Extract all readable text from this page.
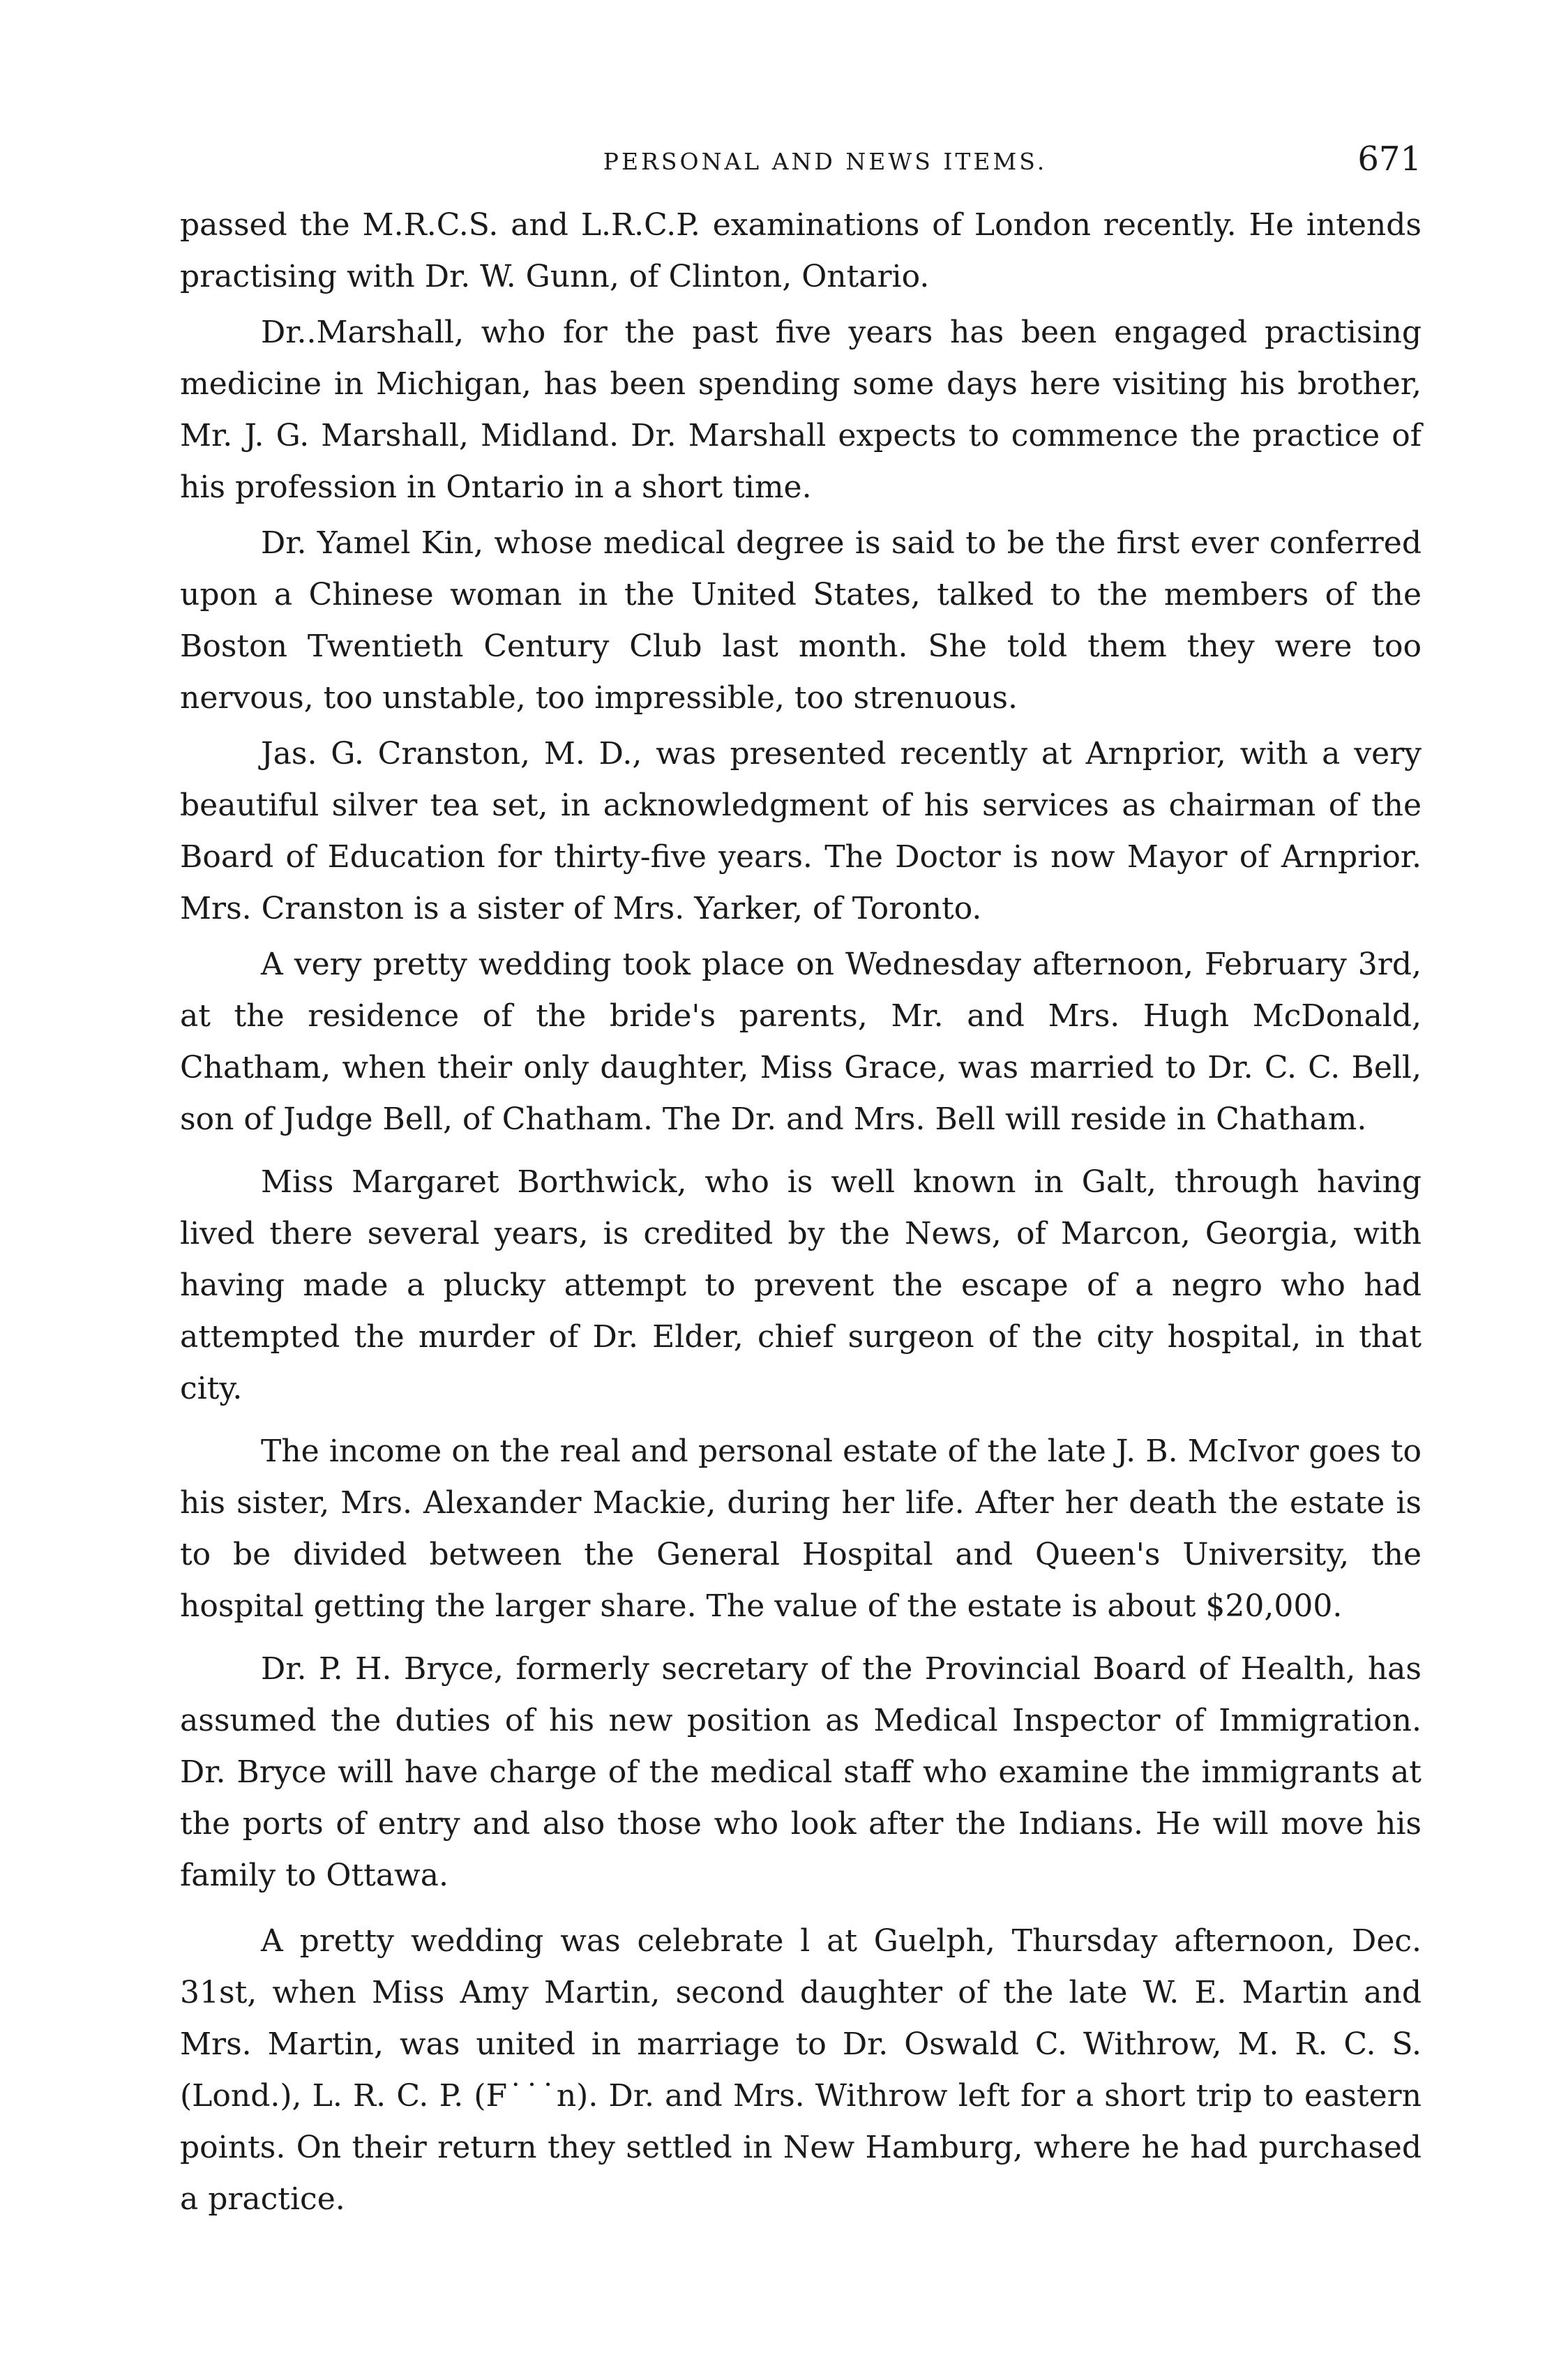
PERSONAL AND NEWS ITEMS.	671

passed the M.R.C.S. and L.R.C.P. examinations of London recently. He intends practising with Dr. W. Gunn, of Clinton, Ontario.

Dr..Marshall, who for the past five years has been engaged practising medicine in Michigan, has been spending some days here visiting his brother, Mr. J. G. Marshall, Midland. Dr. Marshall expects to commence the practice of his profession in Ontario in a short time.

Dr. Yamel Kin, whose medical degree is said to be the first ever conferred upon a Chinese woman in the United States, talked to the members of the Boston Twentieth Century Club last month. She told them they were too nervous, too unstable, too impressible, too strenuous.

Jas. G. Cranston, M. D., was presented recently at Arnprior, with a very beautiful silver tea set, in acknowledgment of his services as chairman of the Board of Education for thirty-five years. The Doctor is now Mayor of Arnprior. Mrs. Cranston is a sister of Mrs. Yarker, of Toronto.

A very pretty wedding took place on Wednesday afternoon, February 3rd, at the residence of the bride's parents, Mr. and Mrs. Hugh McDonald, Chatham, when their only daughter, Miss Grace, was married to Dr. C. C. Bell, son of Judge Bell, of Chatham. The Dr. and Mrs. Bell will reside in Chatham.

Miss Margaret Borthwick, who is well known in Galt, through having lived there several years, is credited by the News, of Marcon, Georgia, with having made a plucky attempt to prevent the escape of a negro who had attempted the murder of Dr. Elder, chief surgeon of the city hospital, in that city.

The income on the real and personal estate of the late J. B. McIvor goes to his sister, Mrs. Alexander Mackie, during her life. After her death the estate is to be divided between the General Hospital and Queen's University, the hospital getting the larger share. The value of the estate is about $20,000.

Dr. P. H. Bryce, formerly secretary of the Provincial Board of Health, has assumed the duties of his new position as Medical Inspector of Immigration. Dr. Bryce will have charge of the medical staff who examine the immigrants at the ports of entry and also those who look after the Indians. He will move his family to Ottawa.

A pretty wedding was celebrate l at Guelph, Thursday afternoon, Dec. 31st, when Miss Amy Martin, second daughter of the late W. E. Martin and Mrs. Martin, was united in marriage to Dr. Oswald C. Withrow, M. R. C. S. (Lond.), L. R. C. P. (F˙˙˙n). Dr. and Mrs. Withrow left for a short trip to eastern points. On their return they settled in New Hamburg, where he had purchased a practice.
